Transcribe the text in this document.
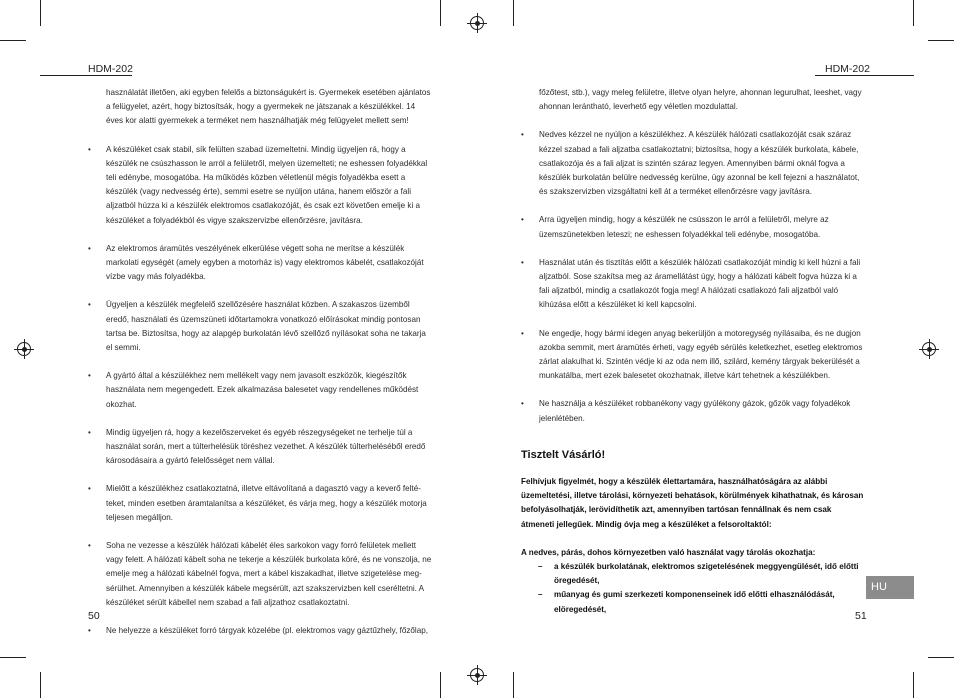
HDM-202	HDM-202

használatát illetően, aki egyben felelős a biztonságukért is. Gyermekek esetében ajánlatos a felügyelet, azért, hogy biztosítsák, hogy a gyermekek ne játszanak a készülékkel. 14 éves kor alatti gyermekek a terméket nem használhatják még felügyelet mellett sem!

• A készüléket csak stabil, sík felülten szabad üzemeltetni. Mindig ügyeljen rá, hogy a készülék ne csúszhasson le arról a felületről, melyen üzemelteti; ne eshessen folyadékkal teli edénybe, mosogatóba. Ha működés közben véletlenül mégis folyadékba esett a készülék (vagy nedvesség érte), semmi esetre se nyúljon utána, hanem először a fali aljzatból húzza ki a készülék elektromos csatlakozóját, és csak ezt követően emelje ki a készüléket a folyadékból és vigye szakszervizbe ellenőrzésre, javításra.
• Az elektromos áramütés veszélyének elkerülése végett soha ne merítse a készülék markolati egységét (amely egyben a motorház is) vagy elektromos kábelét, csatlakozóját vízbe vagy más folyadékba.
• Ügyeljen a készülék megfelelő szellőzésére használat közben. A szakaszos üzemből eredő, használati és üzemszüneti időtartamokra vonatkozó előírásokat mindig pontosan tartsa be. Biztosítsa, hogy az alapgép burkolatán lévő szellőző nyílásokat soha ne takarja el semmi.
• A gyártó által a készülékhez nem mellékelt vagy nem javasolt eszközök, kiegészítők használata nem megengedett. Ezek alkalmazása balesetet vagy rendellenes működést okozhat.
• Mindig ügyeljen rá, hogy a kezelőszerveket és egyéb részegységeket ne terhelje túl a használat során, mert a túlterhelésük töréshez vezethet. A készülék túlterheléséből eredő károsodásaira a gyártó felelősséget nem vállal.
• Mielőtt a készülékhez csatlakoztatná, illetve eltávolítaná a dagasztó vagy a keverő feltéteket, minden esetben áramtalanítsa a készüléket, és várja meg, hogy a készülék motorja teljesen megálljon.
• Soha ne vezesse a készülék hálózati kábelét éles sarkokon vagy forró felületek mellett vagy felett. A hálózati kábelt soha ne tekerje a készülék burkolata köré, és ne vonszolja, ne emelje meg a hálózati kábelnél fogva, mert a kábel kiszakadhat, illetve szigetelése megsérülhet. Amennyiben a készülék kábele megsérült, azt szakszervizben kell cseréltetni. A készüléket sérült kábellel nem szabad a fali aljzathoz csatlakoztatni.
• Ne helyezze a készüléket forró tárgyak közelébe (pl. elektromos vagy gáztűzhely, főzőlap,

főzőtest, stb.), vagy meleg felületre, illetve olyan helyre, ahonnan legurulhat, leeshet, vagy ahonnan lerántható, leverhető egy véletlen mozdulattal.

• Nedves kézzel ne nyúljon a készülékhez. A készülék hálózati csatlakozóját csak száraz kézzel szabad a fali aljzatba csatlakoztatni; biztosítsa, hogy a készülék burkolata, kábele, csatlakozója és a fali aljzat is szintén száraz legyen. Amennyiben bármi oknál fogva a készülék burkolatán belülre nedvesség kerülne, ügy azonnal be kell fejezni a használatot, és szakszervizben vizsgáltatni kell át a terméket ellenőrzésre vagy javításra.
• Arra ügyeljen mindig, hogy a készülék ne csússzon le arról a felületről, melyre az üzemszünetekben leteszi; ne eshessen folyadékkal teli edénybe, mosogatóba.
• Használat után és tisztítás előtt a készülék hálózati csatlakozóját mindig ki kell húzni a fali aljzatból. Sose szakítsa meg az áramellátást úgy, hogy a hálózati kábelt fogva húzza ki a fali aljzatból, mindig a csatlakozót fogja meg! A hálózati csatlakozó fali aljzatból való kihúzása előtt a készüléket ki kell kapcsolni.
• Ne engedje, hogy bármi idegen anyag bekerüljön a motoregység nyílásaiba, és ne dugjon azokba semmit, mert áramütés érheti, vagy egyéb sérülés keletkezhet, esetleg elektromos zárlat alakulhat ki. Szintén védje ki az oda nem illő, szilárd, kemény tárgyak bekerülését a munkatálba, mert ezek balesetet okozhatnak, illetve kárt tehetnek a készülékben.
• Ne használja a készüléket robbanékony vagy gyúlékony gázok, gőzök vagy folyadékok jelenlétében.

Tisztelt Vásárló!

Felhívjuk figyelmét, hogy a készülék élettartamára, használhatóságára az alábbi üzemeltetési, illetve tárolási, környezeti behatások, körülmények kihathatnak, és károsan befolyásolhatják, lerövidíthetik azt, amennyiben tartósan fennállnak és nem csak átmeneti jellegűek. Mindig óvja meg a készüléket a felsoroltaktól:

A nedves, párás, dohos környezetben való használat vagy tárolás okozhatja:

– a készülék burkolatának, elektromos szigetelésének meggyengülését, idő előtti öregedését,
– műanyag és gumi szerkezeti komponenseinek idő előtti elhasználódását, elöregedését,
50	51
HU
